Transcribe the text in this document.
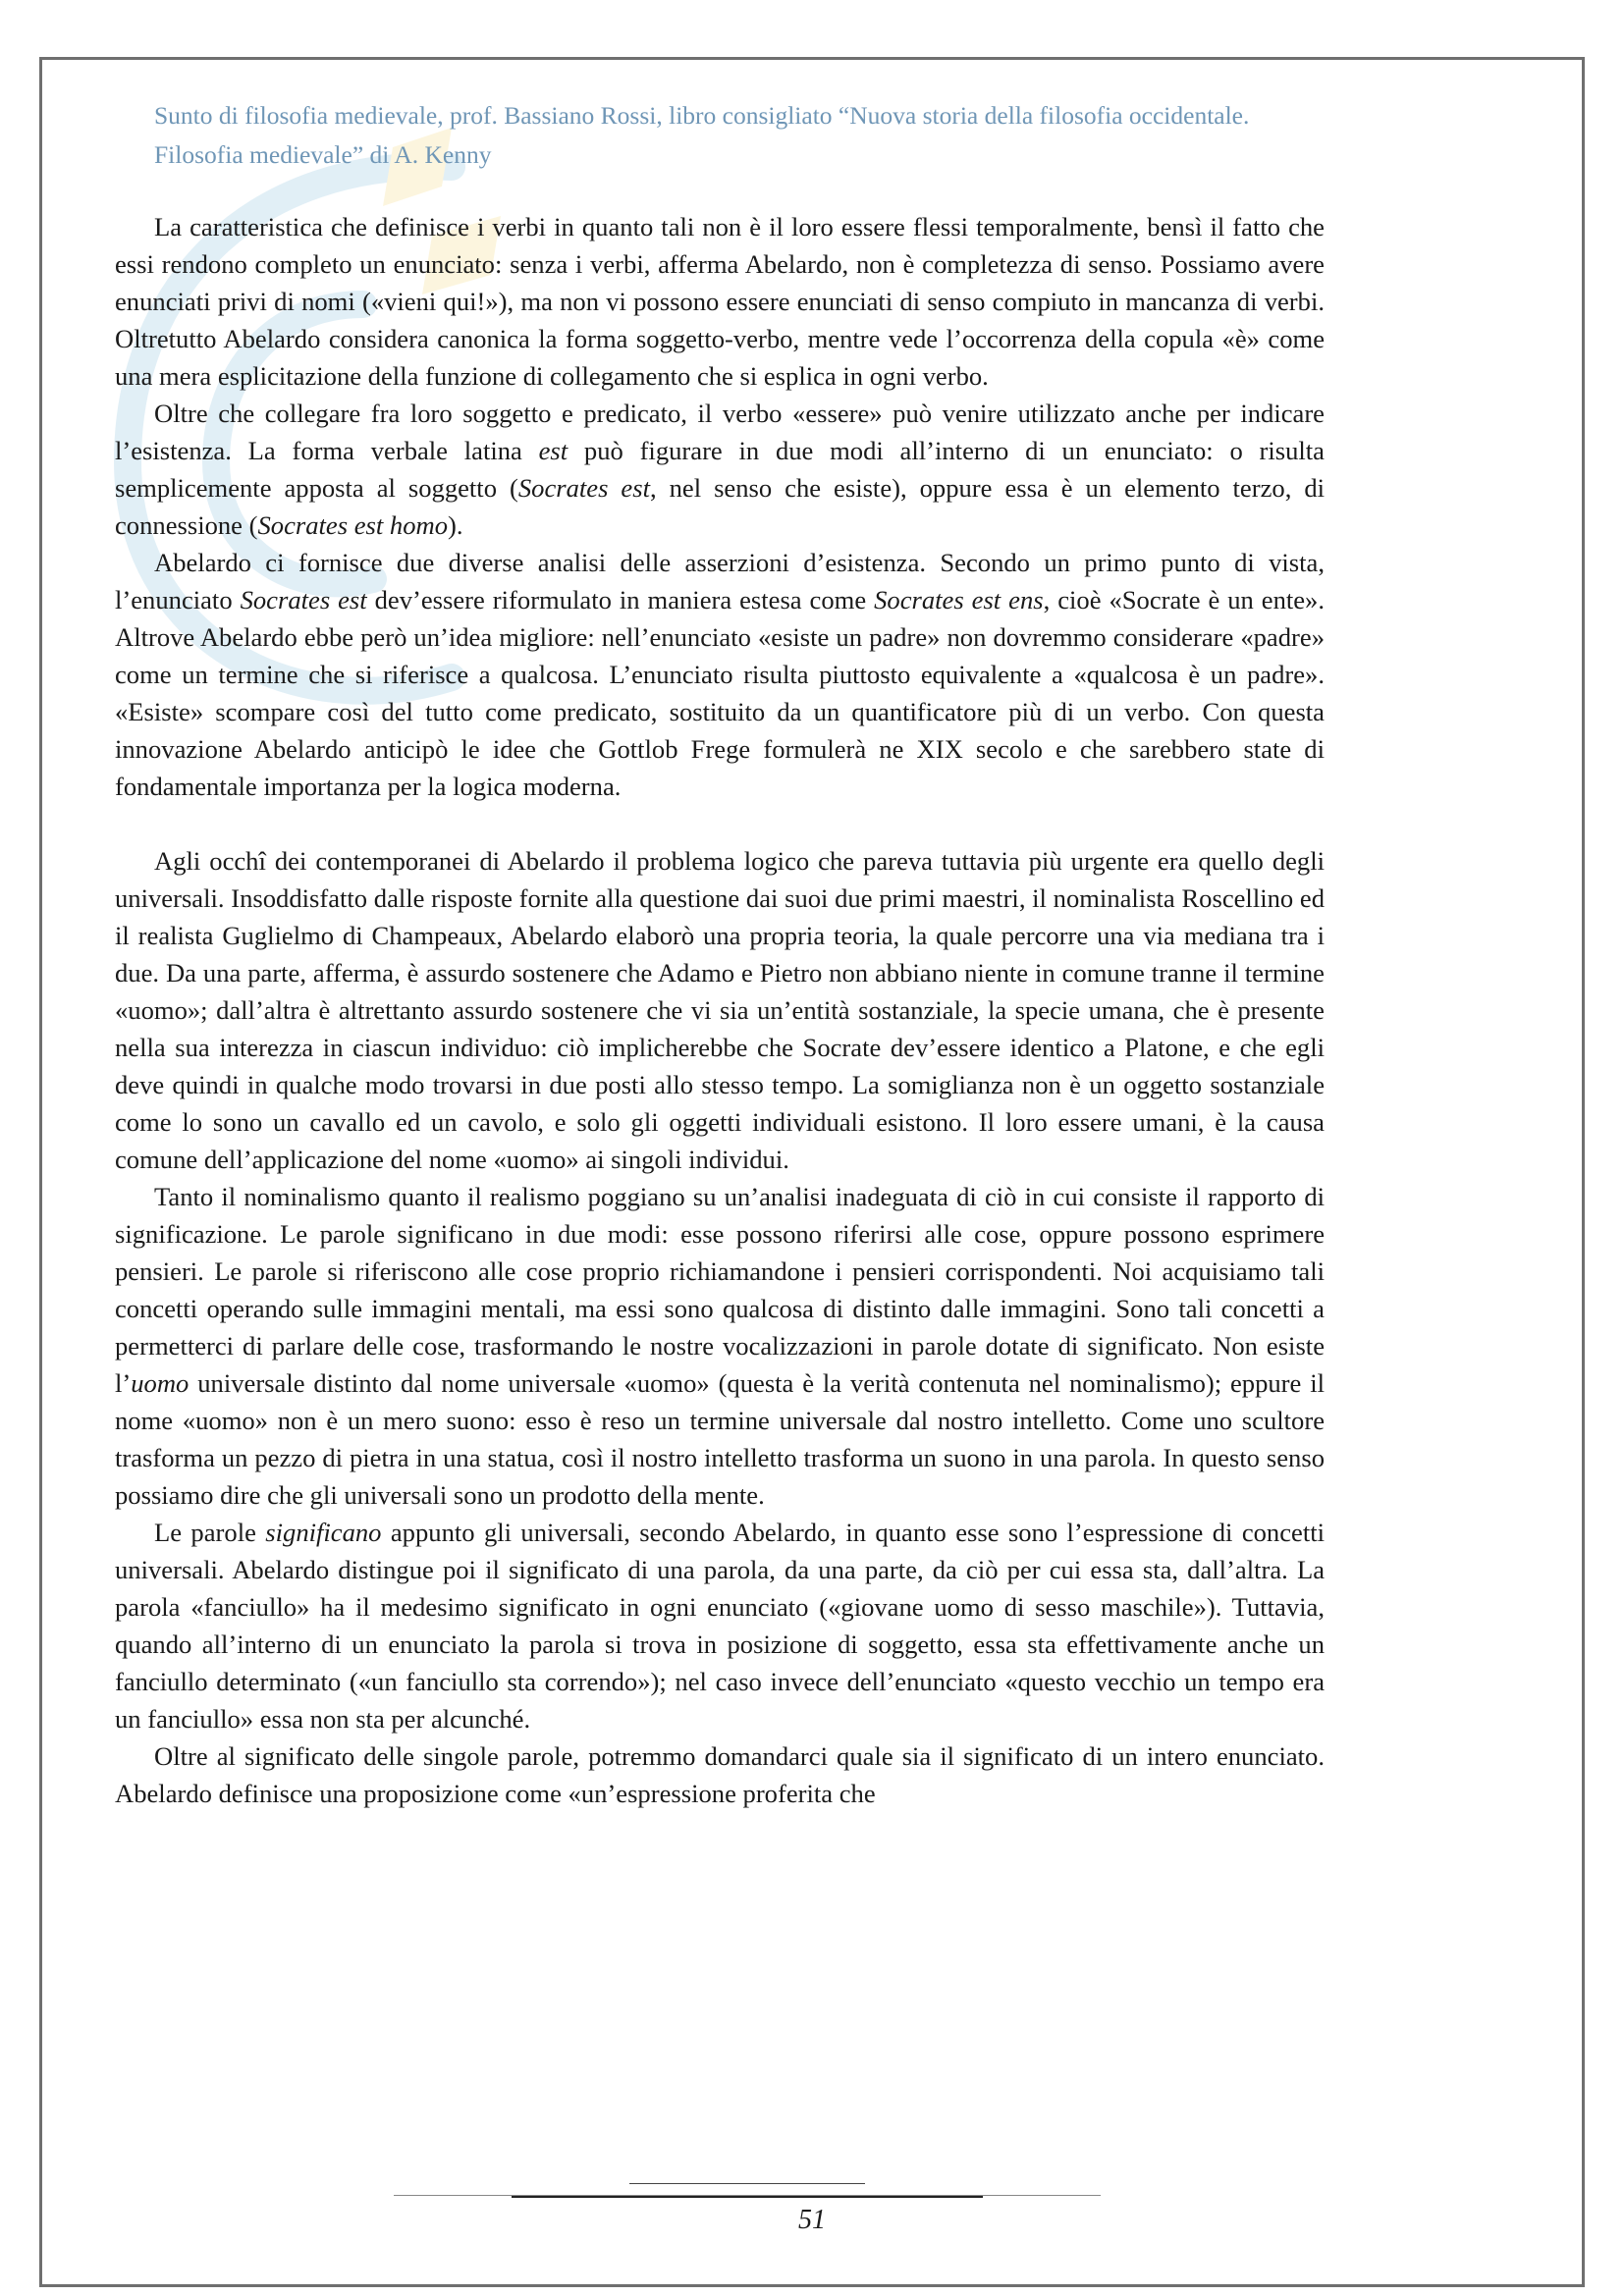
Sunto di filosofia medievale, prof. Bassiano Rossi, libro consigliato “Nuova storia della filosofia occidentale. Filosofia medievale” di A. Kenny

La caratteristica che definisce i verbi in quanto tali non è il loro essere flessi temporalmente, bensì il fatto che essi rendono completo un enunciato: senza i verbi, afferma Abelardo, non è completezza di senso. Possiamo avere enunciati privi di nomi («vieni qui!»), ma non vi possono essere enunciati di senso compiuto in mancanza di verbi. Oltretutto Abelardo considera canonica la forma soggetto-verbo, mentre vede l’occorrenza della copula «è» come una mera esplicitazione della funzione di collegamento che si esplica in ogni verbo.

Oltre che collegare fra loro soggetto e predicato, il verbo «essere» può venire utilizzato anche per indicare l’esistenza. La forma verbale latina est può figurare in due modi all’interno di un enunciato: o risulta semplicemente apposta al soggetto (Socrates est, nel senso che esiste), oppure essa è un elemento terzo, di connessione (Socrates est homo).

Abelardo ci fornisce due diverse analisi delle asserzioni d’esistenza. Secondo un primo punto di vista, l’enunciato Socrates est dev’essere riformulato in maniera estesa come Socrates est ens, cioè «Socrate è un ente». Altrove Abelardo ebbe però un’idea migliore: nell’enunciato «esiste un padre» non dovremmo considerare «padre» come un termine che si riferisce a qualcosa. L’enunciato risulta piuttosto equivalente a «qualcosa è un padre». «Esiste» scompare così del tutto come predicato, sostituito da un quantificatore più di un verbo. Con questa innovazione Abelardo anticipò le idee che Gottlob Frege formulerà ne XIX secolo e che sarebbero state di fondamentale importanza per la logica moderna.

Agli occhî dei contemporanei di Abelardo il problema logico che pareva tuttavia più urgente era quello degli universali. Insoddisfatto dalle risposte fornite alla questione dai suoi due primi maestri, il nominalista Roscellino ed il realista Guglielmo di Champeaux, Abelardo elaborò una propria teoria, la quale percorre una via mediana tra i due. Da una parte, afferma, è assurdo sostenere che Adamo e Pietro non abbiano niente in comune tranne il termine «uomo»; dall’altra è altrettanto assurdo sostenere che vi sia un’entità sostanziale, la specie umana, che è presente nella sua interezza in ciascun individuo: ciò implicherebbe che Socrate dev’essere identico a Platone, e che egli deve quindi in qualche modo trovarsi in due posti allo stesso tempo. La somiglianza non è un oggetto sostanziale come lo sono un cavallo ed un cavolo, e solo gli oggetti individuali esistono. Il loro essere umani, è la causa comune dell’applicazione del nome «uomo» ai singoli individui.

Tanto il nominalismo quanto il realismo poggiano su un’analisi inadeguata di ciò in cui consiste il rapporto di significazione. Le parole significano in due modi: esse possono riferirsi alle cose, oppure possono esprimere pensieri. Le parole si riferiscono alle cose proprio richiamandone i pensieri corrispondenti. Noi acquisiamo tali concetti operando sulle immagini mentali, ma essi sono qualcosa di distinto dalle immagini. Sono tali concetti a permetterci di parlare delle cose, trasformando le nostre vocalizzazioni in parole dotate di significato. Non esiste l’uomo universale distinto dal nome universale «uomo» (questa è la verità contenuta nel nominalismo); eppure il nome «uomo» non è un mero suono: esso è reso un termine universale dal nostro intelletto. Come uno scultore trasforma un pezzo di pietra in una statua, così il nostro intelletto trasforma un suono in una parola. In questo senso possiamo dire che gli universali sono un prodotto della mente.

Le parole significano appunto gli universali, secondo Abelardo, in quanto esse sono l’espressione di concetti universali. Abelardo distingue poi il significato di una parola, da una parte, da ciò per cui essa sta, dall’altra. La parola «fanciullo» ha il medesimo significato in ogni enunciato («giovane uomo di sesso maschile»). Tuttavia, quando all’interno di un enunciato la parola si trova in posizione di soggetto, essa sta effettivamente anche un fanciullo determinato («un fanciullo sta correndo»); nel caso invece dell’enunciato «questo vecchio un tempo era un fanciullo» essa non sta per alcunché.

Oltre al significato delle singole parole, potremmo domandarci quale sia il significato di un intero enunciato. Abelardo definisce una proposizione come «un’espressione proferita che

51
